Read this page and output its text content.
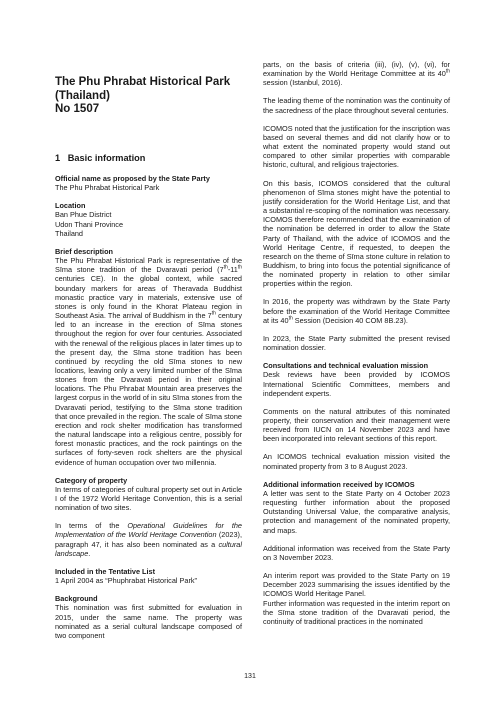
The Phu Phrabat Historical Park
(Thailand)
No 1507
1 Basic information

Official name as proposed by the State Party

The Phu Phrabat Historical Park

Location

Ban Phue District

Udon Thani Province

Thailand

Brief description

The Phu Phrabat Historical Park is representative of the Sīma stone tradition of the Dvaravati period (7th-11th centuries CE). In the global context, while sacred boundary markers for areas of Theravada Buddhist monastic practice vary in materials, extensive use of stones is only found in the Khorat Plateau region in Southeast Asia. The arrival of Buddhism in the 7th century led to an increase in the erection of Sīma stones throughout the region for over four centuries. Associated with the renewal of the religious places in later times up to the present day, the Sīma stone tradition has been continued by recycling the old Sīma stones to new locations, leaving only a very limited number of the Sīma stones from the Dvaravati period in their original locations. The Phu Phrabat Mountain area preserves the largest corpus in the world of in situ Sīma stones from the Dvaravati period, testifying to the Sīma stone tradition that once prevailed in the region. The scale of Sīma stone erection and rock shelter modification has transformed the natural landscape into a religious centre, possibly for forest monastic practices, and the rock paintings on the surfaces of forty-seven rock shelters are the physical evidence of human occupation over two millennia.

Category of property

In terms of categories of cultural property set out in Article I of the 1972 World Heritage Convention, this is a serial nomination of two sites.

In terms of the Operational Guidelines for the Implementation of the World Heritage Convention (2023), paragraph 47, it has also been nominated as a cultural landscape.

Included in the Tentative List

1 April 2004 as “Phuphrabat Historical Park”

Background

This nomination was first submitted for evaluation in 2015, under the same name. The property was nominated as a serial cultural landscape composed of two component

parts, on the basis of criteria (iii), (iv), (v), (vi), for examination by the World Heritage Committee at its 40th session (Istanbul, 2016).

The leading theme of the nomination was the continuity of the sacredness of the place throughout several centuries.

ICOMOS noted that the justification for the inscription was based on several themes and did not clarify how or to what extent the nominated property would stand out compared to other similar properties with comparable historic, cultural, and religious trajectories.

On this basis, ICOMOS considered that the cultural phenomenon of Sīma stones might have the potential to justify consideration for the World Heritage List, and that a substantial re-scoping of the nomination was necessary. ICOMOS therefore recommended that the examination of the nomination be deferred in order to allow the State Party of Thailand, with the advice of ICOMOS and the World Heritage Centre, if requested, to deepen the research on the theme of Sīma stone culture in relation to Buddhism, to bring into focus the potential significance of the nominated property in relation to other similar properties within the region.

In 2016, the property was withdrawn by the State Party before the examination of the World Heritage Committee at its 40th Session (Decision 40 COM 8B.23).

In 2023, the State Party submitted the present revised nomination dossier.

Consultations and technical evaluation mission

Desk reviews have been provided by ICOMOS International Scientific Committees, members and independent experts.

Comments on the natural attributes of this nominated property, their conservation and their management were received from IUCN on 14 November 2023 and have been incorporated into relevant sections of this report.

An ICOMOS technical evaluation mission visited the nominated property from 3 to 8 August 2023.

Additional information received by ICOMOS

A letter was sent to the State Party on 4 October 2023 requesting further information about the proposed Outstanding Universal Value, the comparative analysis, protection and management of the nominated property, and maps.

Additional information was received from the State Party on 3 November 2023.

An interim report was provided to the State Party on 19 December 2023 summarising the issues identified by the ICOMOS World Heritage Panel.

Further information was requested in the interim report on the Sīma stone tradition of the Dvaravati period, the continuity of traditional practices in the nominated

131
